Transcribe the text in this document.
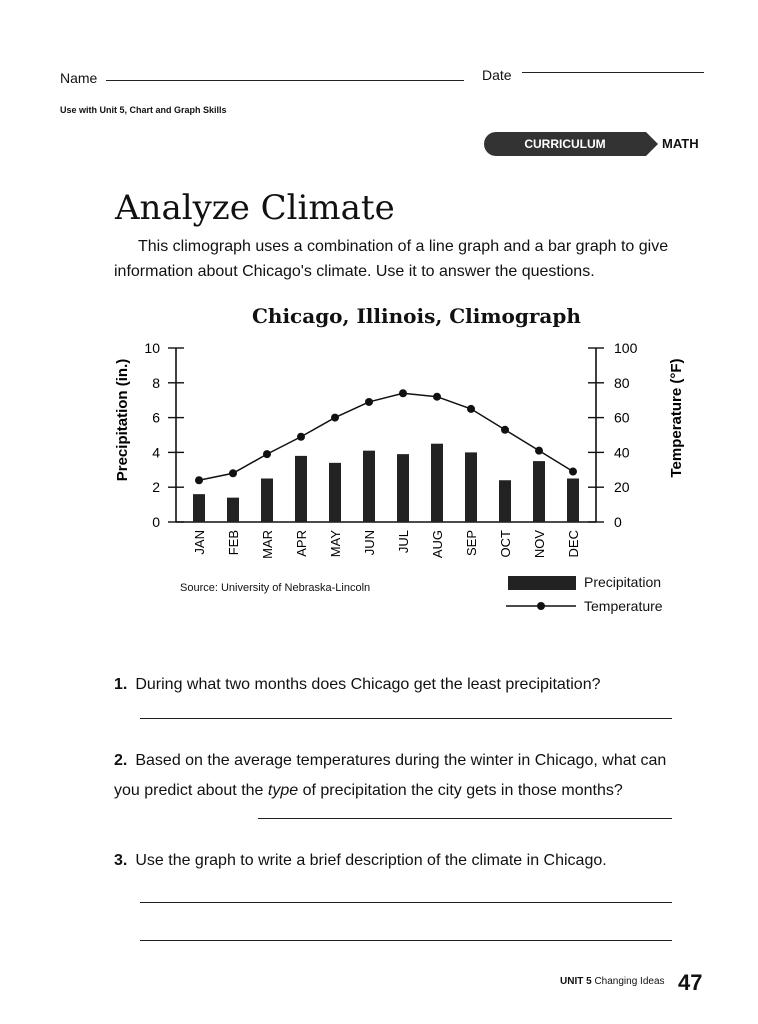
Name	Date
Use with Unit 5, Chart and Graph Skills
CURRICULUM CONNECTION
MATH
Analyze Climate

This climograph uses a combination of a line graph and a bar graph to give information about Chicago's climate. Use it to answer the questions.

Chicago, Illinois, Climograph
0
2
4
6
8
10
0
20
40
60
80
100
JAN FEB MAR APR MAY JUN JUL AUG SEP OCT NOV DEC
Precipitation (in.)	Temperature (°F)
Source: University of Nebraska-Lincoln	Precipitation
Temperature
1. During what two months does Chicago get the least precipitation?
2. Based on the average temperatures during the winter in Chicago, what can you predict about the type of precipitation the city gets in those months?
3. Use the graph to write a brief description of the climate in Chicago.
UNIT 5 Changing Ideas 47
